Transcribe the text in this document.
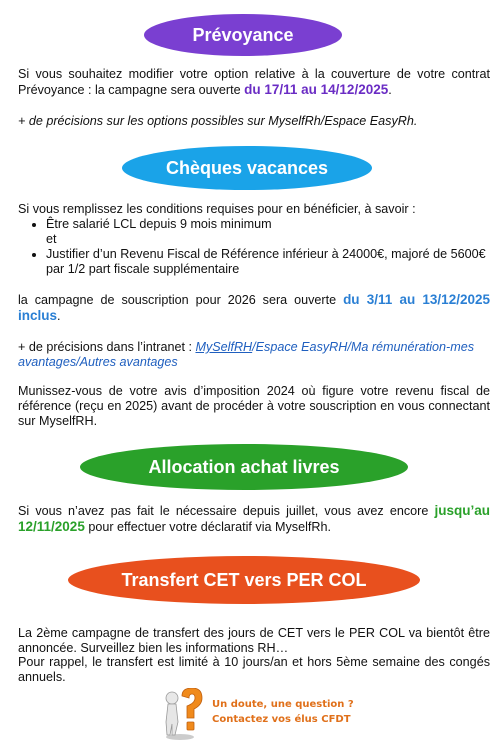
Prévoyance
Si vous souhaitez modifier votre option relative à la couverture de votre contrat Prévoyance : la campagne sera ouverte du 17/11 au 14/12/2025.
+ de précisions sur les options possibles sur MyselfRh/Espace EasyRh.
Chèques vacances
Si vous remplissez les conditions requises pour en bénéficier, à savoir :
• Être salarié LCL depuis 9 mois minimum
et
• Justifier d’un Revenu Fiscal de Référence inférieur à 24000€, majoré de 5600€ par 1/2 part fiscale supplémentaire
la campagne de souscription pour 2026 sera ouverte du 3/11 au 13/12/2025 inclus.
+ de précisions dans l’intranet : MySelfRH/Espace EasyRH/Ma rémunération-mes avantages/Autres avantages
Munissez-vous de votre avis d’imposition 2024 où figure votre revenu fiscal de référence (reçu en 2025) avant de procéder à votre souscription en vous connectant sur MyselfRH.
Allocation achat livres
Si vous n’avez pas fait le nécessaire depuis juillet, vous avez encore jusqu’au 12/11/2025 pour effectuer votre déclaratif via MyselfRh.
Transfert CET vers PER COL
La 2ème campagne de transfert des jours de CET vers le PER COL va bientôt être annoncée. Surveillez bien les informations RH…
Pour rappel, le transfert est limité à 10 jours/an et hors 5ème semaine des congés annuels.
Un doute, une question ?
Contactez vos élus CFDT
